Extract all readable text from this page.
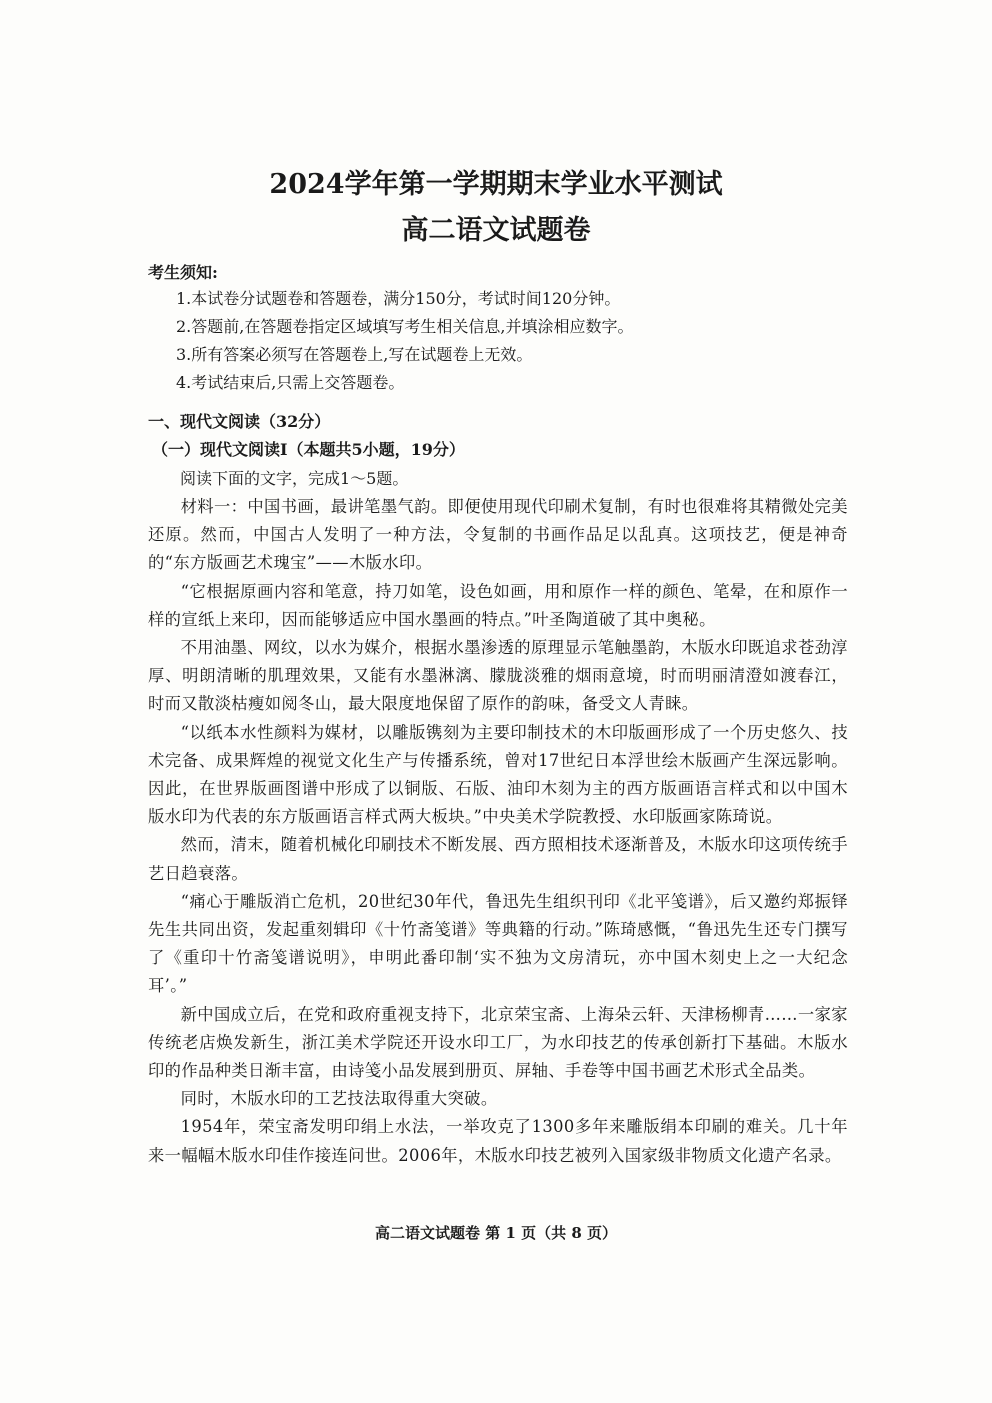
2024学年第一学期期末学业水平测试
高二语文试题卷
考生须知:
1.本试卷分试题卷和答题卷，满分150分，考试时间120分钟。
2.答题前,在答题卷指定区域填写考生相关信息,并填涂相应数字。
3.所有答案必须写在答题卷上,写在试题卷上无效。
4.考试结束后,只需上交答题卷。
一、现代文阅读（32分）
（一）现代文阅读Ⅰ（本题共5小题，19分）
阅读下面的文字，完成1～5题。

材料一：中国书画，最讲笔墨气韵。即便使用现代印刷术复制，有时也很难将其精微处完美还原。然而，中国古人发明了一种方法，令复制的书画作品足以乱真。这项技艺，便是神奇的“东方版画艺术瑰宝”——木版水印。

“它根据原画内容和笔意，持刀如笔，设色如画，用和原作一样的颜色、笔晕，在和原作一样的宣纸上来印，因而能够适应中国水墨画的特点。”叶圣陶道破了其中奥秘。

不用油墨、网纹，以水为媒介，根据水墨渗透的原理显示笔触墨韵，木版水印既追求苍劲淳厚、明朗清晰的肌理效果，又能有水墨淋漓、朦胧淡雅的烟雨意境，时而明丽清澄如渡春江，时而又散淡枯瘦如阅冬山，最大限度地保留了原作的韵味，备受文人青睐。

“以纸本水性颜料为媒材，以雕版镌刻为主要印制技术的木印版画形成了一个历史悠久、技术完备、成果辉煌的视觉文化生产与传播系统，曾对17世纪日本浮世绘木版画产生深远影响。因此，在世界版画图谱中形成了以铜版、石版、油印木刻为主的西方版画语言样式和以中国木版水印为代表的东方版画语言样式两大板块。”中央美术学院教授、水印版画家陈琦说。

然而，清末，随着机械化印刷技术不断发展、西方照相技术逐渐普及，木版水印这项传统手艺日趋衰落。

“痛心于雕版消亡危机，20世纪30年代，鲁迅先生组织刊印《北平笺谱》，后又邀约郑振铎先生共同出资，发起重刻辑印《十竹斋笺谱》等典籍的行动。”陈琦感慨，“鲁迅先生还专门撰写了《重印十竹斋笺谱说明》，申明此番印制‘实不独为文房清玩，亦中国木刻史上之一大纪念耳’。”

新中国成立后，在党和政府重视支持下，北京荣宝斋、上海朵云轩、天津杨柳青……一家家传统老店焕发新生，浙江美术学院还开设水印工厂，为水印技艺的传承创新打下基础。木版水印的作品种类日渐丰富，由诗笺小品发展到册页、屏轴、手卷等中国书画艺术形式全品类。

同时，木版水印的工艺技法取得重大突破。

1954年，荣宝斋发明印绢上水法，一举攻克了1300多年来雕版绢本印刷的难关。几十年来一幅幅木版水印佳作接连问世。2006年，木版水印技艺被列入国家级非物质文化遗产名录。

高二语文试题卷 第 1 页（共 8 页）
